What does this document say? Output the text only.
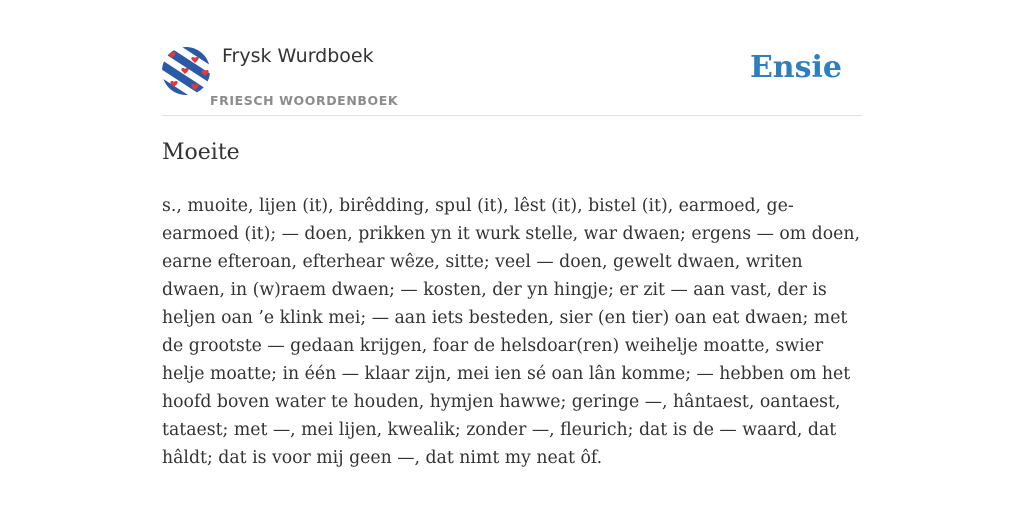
Frysk Wurdboek
FRIESCH WOORDENBOEK
Ensie
Moeite

s., muoite, lijen (it), birêdding, spul (it), lêst (it), bistel (it), earmoed, ge-earmoed (it); — doen, prikken yn it wurk stelle, war dwaen; ergens — om doen, earne efteroan, efterhear wêze, sitte; veel — doen, gewelt dwaen, writen dwaen, in (w)raem dwaen; — kosten, der yn hingje; er zit — aan vast, der is heljen oan ’e klink mei; — aan iets besteden, sier (en tier) oan eat dwaen; met de grootste — gedaan krijgen, foar de helsdoar(ren) weihelje moatte, swier helje moatte; in één — klaar zijn, mei ien sé oan lân komme; — hebben om het hoofd boven water te houden, hymjen hawwe; geringe —, hântaest, oantaest, tataest; met —, mei lijen, kwealik; zonder —, fleurich; dat is de — waard, dat hâldt; dat is voor mij geen —, dat nimt my neat ôf.
